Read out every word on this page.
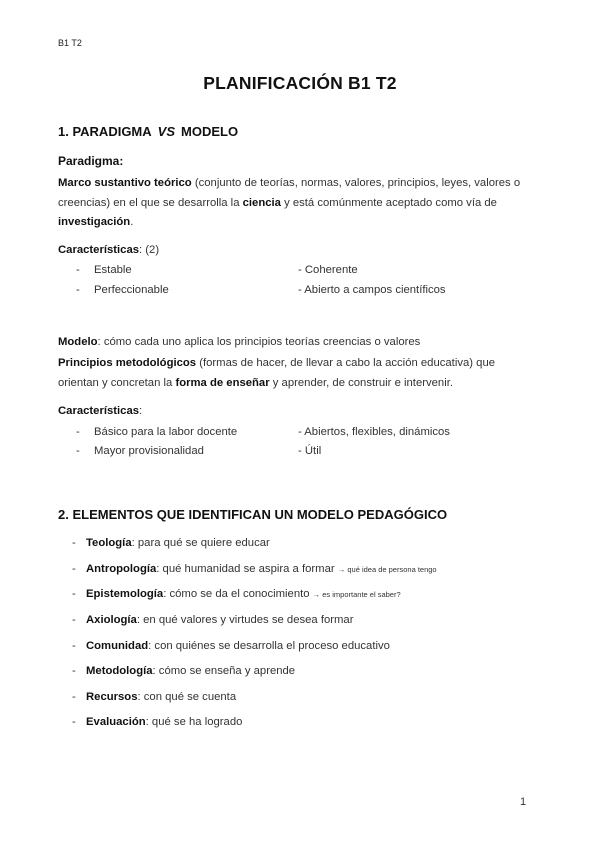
B1 T2
PLANIFICACIÓN B1 T2
1. PARADIGMA VS MODELO
Paradigma:
Marco sustantivo teórico (conjunto de teorías, normas, valores, principios, leyes, valores o creencias) en el que se desarrolla la ciencia y está comúnmente aceptado como vía de investigación.
Características: (2)
- Estable	- Coherente
- Perfeccionable	- Abierto a campos científicos
Modelo: cómo cada uno aplica los principios teorías creencias o valores
Principios metodológicos (formas de hacer, de llevar a cabo la acción educativa) que orientan y concretan la forma de enseñar y aprender, de construir e intervenir.
Características:
- Básico para la labor docente	- Abiertos, flexibles, dinámicos
- Mayor provisionalidad	- Útil
2. ELEMENTOS QUE IDENTIFICAN UN MODELO PEDAGÓGICO
- Teología: para qué se quiere educar
- Antropología: qué humanidad se aspira a formar → qué idea de persona tengo
- Epistemología: cómo se da el conocimiento → es importante el saber?
- Axiología: en qué valores y virtudes se desea formar
- Comunidad: con quiénes se desarrolla el proceso educativo
- Metodología: cómo se enseña y aprende
- Recursos: con qué se cuenta
- Evaluación: qué se ha logrado
1
